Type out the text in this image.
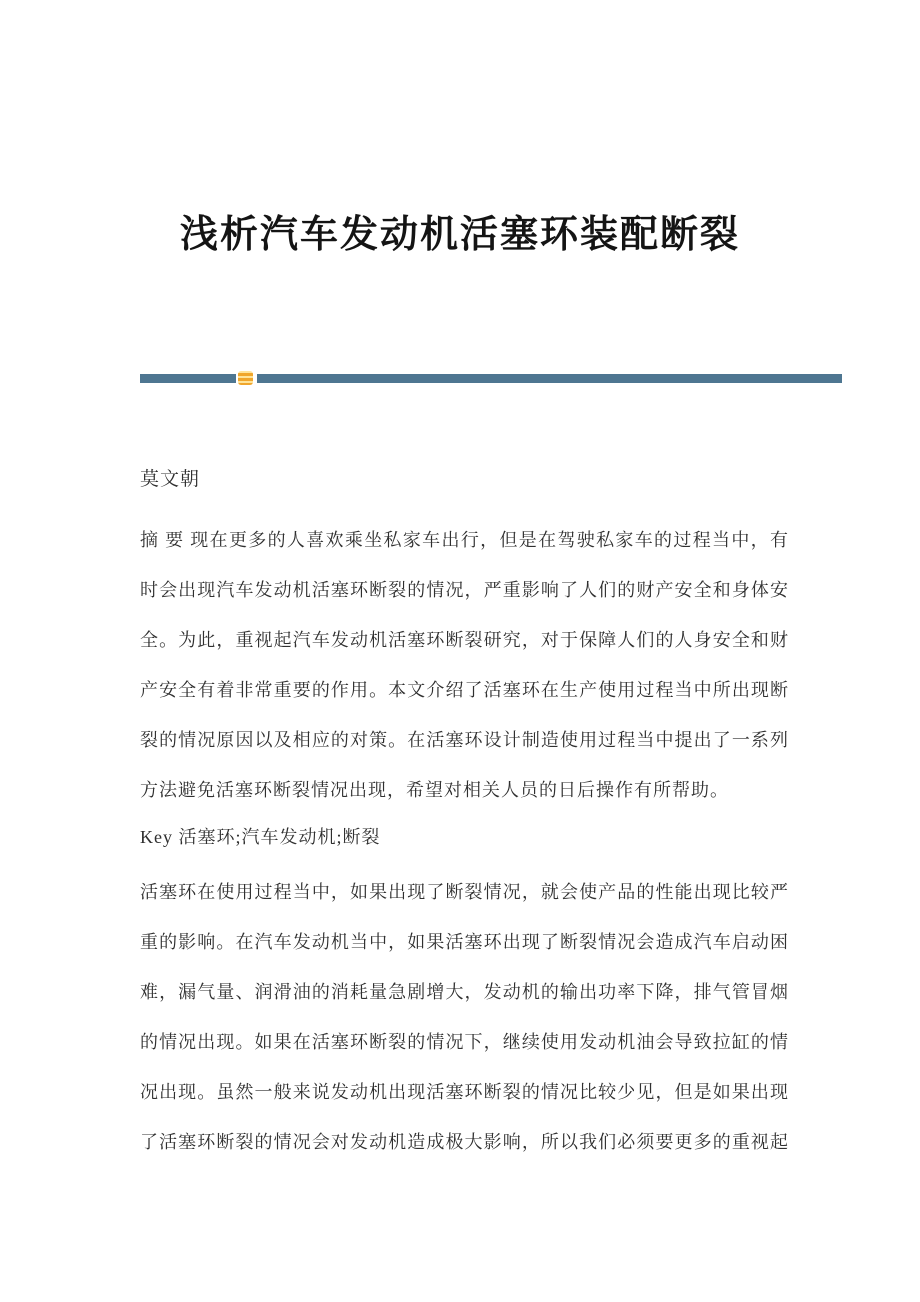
浅析汽车发动机活塞环装配断裂

莫文朝

摘 要 现在更多的人喜欢乘坐私家车出行，但是在驾驶私家车的过程当中，有
时会出现汽车发动机活塞环断裂的情况，严重影响了人们的财产安全和身体安
全。为此，重视起汽车发动机活塞环断裂研究，对于保障人们的人身安全和财
产安全有着非常重要的作用。本文介绍了活塞环在生产使用过程当中所出现断
裂的情况原因以及相应的对策。在活塞环设计制造使用过程当中提出了一系列
方法避免活塞环断裂情况出现，希望对相关人员的日后操作有所帮助。

Key 活塞环;汽车发动机;断裂

活塞环在使用过程当中，如果出现了断裂情况，就会使产品的性能出现比较严
重的影响。在汽车发动机当中，如果活塞环出现了断裂情况会造成汽车启动困
难，漏气量、润滑油的消耗量急剧增大，发动机的输出功率下降，排气管冒烟
的情况出现。如果在活塞环断裂的情况下，继续使用发动机油会导致拉缸的情
况出现。虽然一般来说发动机出现活塞环断裂的情况比较少见，但是如果出现
了活塞环断裂的情况会对发动机造成极大影响，所以我们必须要更多的重视起
